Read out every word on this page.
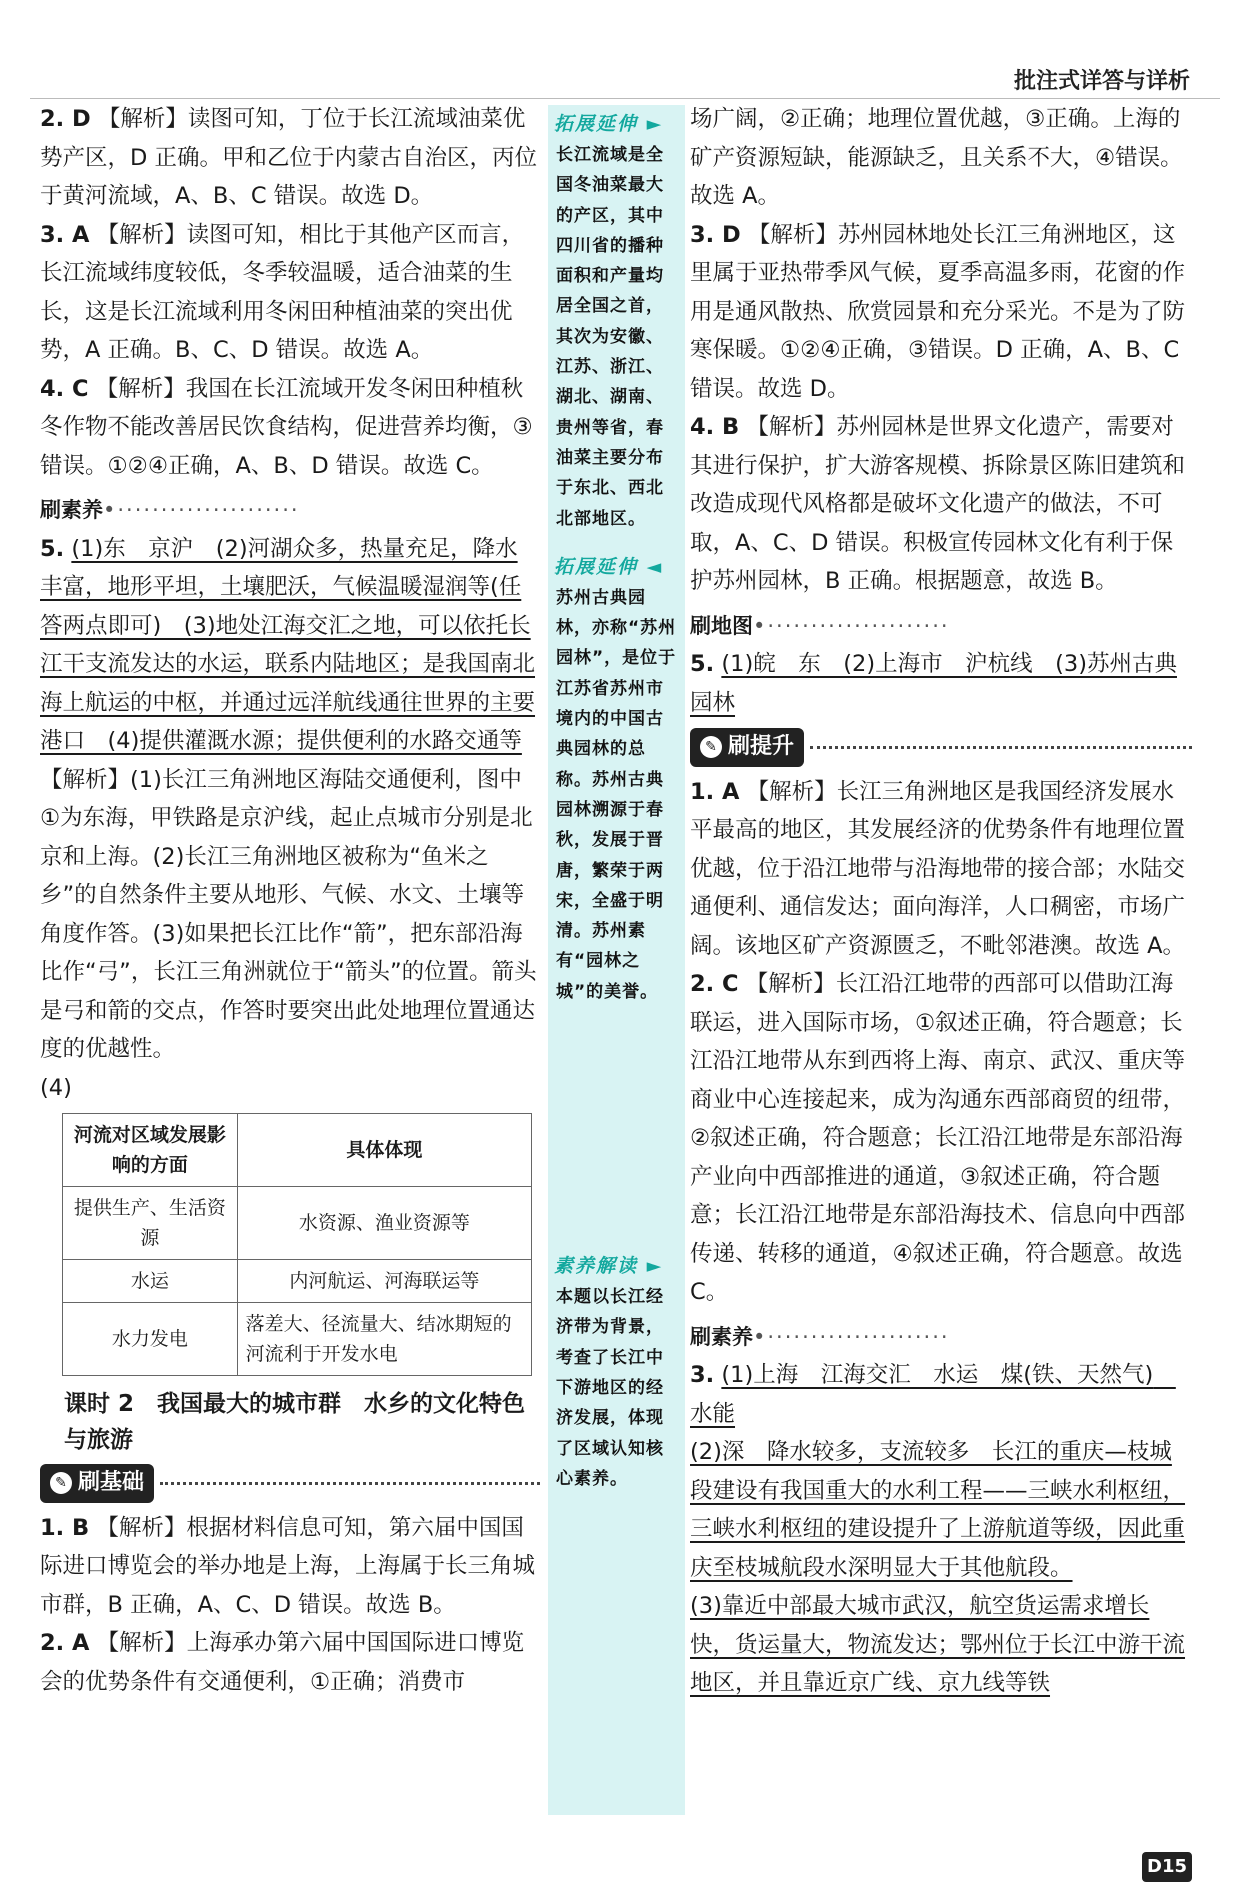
批注式详答与详析

2. D 【解析】读图可知，丁位于长江流域油菜优势产区，D 正确。甲和乙位于内蒙古自治区，丙位于黄河流域，A、B、C 错误。故选 D。

3. A 【解析】读图可知，相比于其他产区而言，长江流域纬度较低，冬季较温暖，适合油菜的生长，这是长江流域利用冬闲田种植油菜的突出优势，A 正确。B、C、D 错误。故选 A。

4. C 【解析】我国在长江流域开发冬闲田种植秋冬作物不能改善居民饮食结构，促进营养均衡，③错误。①②④正确，A、B、D 错误。故选 C。

刷素养•·····················

5. (1)东　京沪　(2)河湖众多，热量充足，降水丰富，地形平坦，土壤肥沃，气候温暖湿润等(任答两点即可)　(3)地处江海交汇之地，可以依托长江干支流发达的水运，联系内陆地区；是我国南北海上航运的中枢，并通过远洋航线通往世界的主要港口　(4)提供灌溉水源；提供便利的水路交通等

【解析】(1)长江三角洲地区海陆交通便利，图中①为东海，甲铁路是京沪线，起止点城市分别是北京和上海。(2)长江三角洲地区被称为“鱼米之乡”的自然条件主要从地形、气候、水文、土壤等角度作答。(3)如果把长江比作“箭”，把东部沿海比作“弓”，长江三角洲就位于“箭头”的位置。箭头是弓和箭的交点，作答时要突出此处地理位置通达度的优越性。

(4)

河流对区域发展影响的方面	具体体现
提供生产、生活资源	水资源、渔业资源等
水运	内河航运、河海联运等
水力发电	落差大、径流量大、结冰期短的河流利于开发水电
课时 2　我国最大的城市群　水乡的文化特色与旅游
✎ 刷基础

1. B 【解析】根据材料信息可知，第六届中国国际进口博览会的举办地是上海，上海属于长三角城市群，B 正确，A、C、D 错误。故选 B。

2. A 【解析】上海承办第六届中国国际进口博览会的优势条件有交通便利，①正确；消费市

拓展延伸 ►
长江流域是全国冬油菜最大的产区，其中四川省的播种面积和产量均居全国之首，其次为安徽、江苏、浙江、湖北、湖南、贵州等省，春油菜主要分布于东北、西北北部地区。
拓展延伸 ◄
苏州古典园林，亦称“苏州园林”，是位于江苏省苏州市境内的中国古典园林的总称。苏州古典园林溯源于春秋，发展于晋唐，繁荣于两宋，全盛于明清。苏州素有“园林之城”的美誉。
素养解读 ►
本题以长江经济带为背景，考查了长江中下游地区的经济发展，体现了区域认知核心素养。

场广阔，②正确；地理位置优越，③正确。上海的矿产资源短缺，能源缺乏，且关系不大，④错误。故选 A。

3. D 【解析】苏州园林地处长江三角洲地区，这里属于亚热带季风气候，夏季高温多雨，花窗的作用是通风散热、欣赏园景和充分采光。不是为了防寒保暖。①②④正确，③错误。D 正确，A、B、C 错误。故选 D。

4. B 【解析】苏州园林是世界文化遗产，需要对其进行保护，扩大游客规模、拆除景区陈旧建筑和改造成现代风格都是破坏文化遗产的做法，不可取，A、C、D 错误。积极宣传园林文化有利于保护苏州园林，B 正确。根据题意，故选 B。

刷地图•·····················

5. (1)皖　东　(2)上海市　沪杭线　(3)苏州古典园林

✎ 刷提升

1. A 【解析】长江三角洲地区是我国经济发展水平最高的地区，其发展经济的优势条件有地理位置优越，位于沿江地带与沿海地带的接合部；水陆交通便利、通信发达；面向海洋，人口稠密，市场广阔。该地区矿产资源匮乏，不毗邻港澳。故选 A。

2. C 【解析】长江沿江地带的西部可以借助江海联运，进入国际市场，①叙述正确，符合题意；长江沿江地带从东到西将上海、南京、武汉、重庆等商业中心连接起来，成为沟通东西部商贸的纽带，②叙述正确，符合题意；长江沿江地带是东部沿海产业向中西部推进的通道，③叙述正确，符合题意；长江沿江地带是东部沿海技术、信息向中西部传递、转移的通道，④叙述正确，符合题意。故选 C。

刷素养•·····················

3. (1)上海　江海交汇　水运　煤(铁、天然气)　水能

(2)深　降水较多，支流较多　长江的重庆—枝城段建设有我国重大的水利工程——三峡水利枢纽，三峡水利枢纽的建设提升了上游航道等级，因此重庆至枝城航段水深明显大于其他航段。

(3)靠近中部最大城市武汉，航空货运需求增长快，货运量大，物流发达；鄂州位于长江中游干流地区，并且靠近京广线、京九线等铁

D15
